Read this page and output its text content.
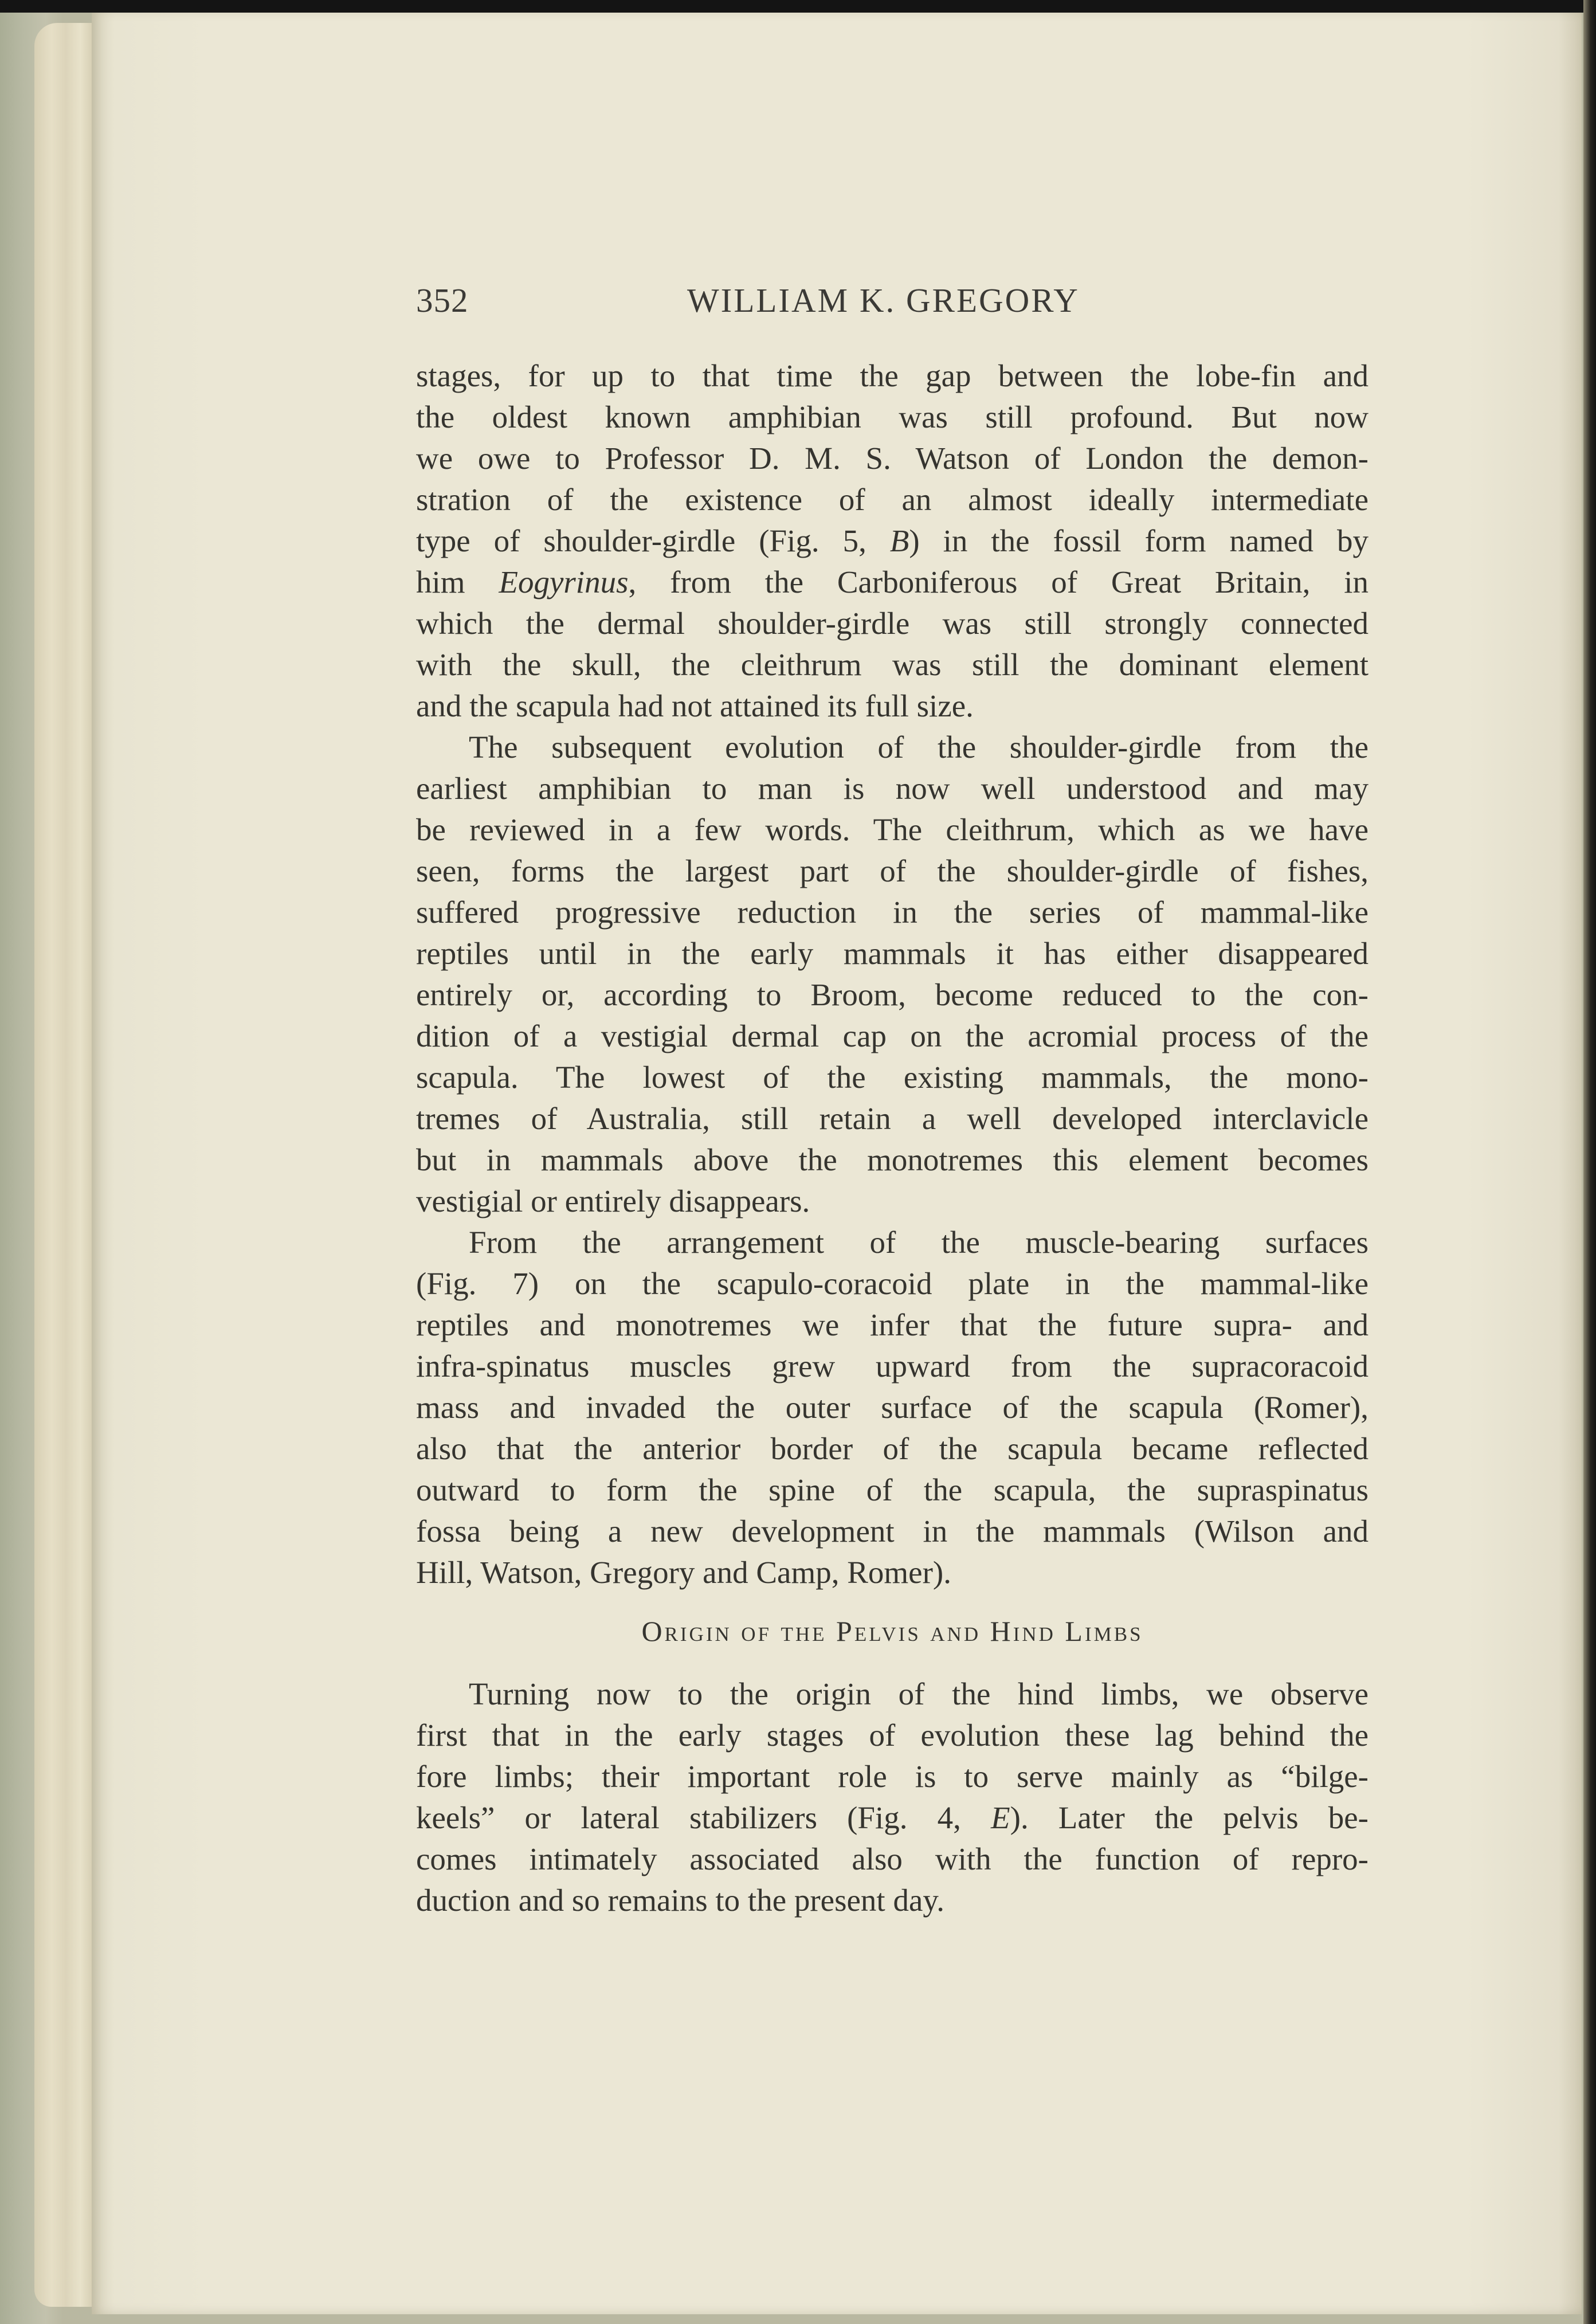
352	WILLIAM K. GREGORY
stages, for up to that time the gap between the lobe-fin and
the oldest known amphibian was still profound. But now
we owe to Professor D. M. S. Watson of London the demon-
stration of the existence of an almost ideally intermediate
type of shoulder-girdle (Fig. 5, B) in the fossil form named by
him Eogyrinus, from the Carboniferous of Great Britain, in
which the dermal shoulder-girdle was still strongly connected
with the skull, the cleithrum was still the dominant element
and the scapula had not attained its full size.
The subsequent evolution of the shoulder-girdle from the
earliest amphibian to man is now well understood and may
be reviewed in a few words. The cleithrum, which as we have
seen, forms the largest part of the shoulder-girdle of fishes,
suffered progressive reduction in the series of mammal-like
reptiles until in the early mammals it has either disappeared
entirely or, according to Broom, become reduced to the con-
dition of a vestigial dermal cap on the acromial process of the
scapula. The lowest of the existing mammals, the mono-
tremes of Australia, still retain a well developed interclavicle
but in mammals above the monotremes this element becomes
vestigial or entirely disappears.
From the arrangement of the muscle-bearing surfaces
(Fig. 7) on the scapulo-coracoid plate in the mammal-like
reptiles and monotremes we infer that the future supra- and
infra-spinatus muscles grew upward from the supracoracoid
mass and invaded the outer surface of the scapula (Romer),
also that the anterior border of the scapula became reflected
outward to form the spine of the scapula, the supraspinatus
fossa being a new development in the mammals (Wilson and
Hill, Watson, Gregory and Camp, Romer).
Origin of the Pelvis and Hind Limbs
Turning now to the origin of the hind limbs, we observe
first that in the early stages of evolution these lag behind the
fore limbs; their important role is to serve mainly as “bilge-
keels” or lateral stabilizers (Fig. 4, E). Later the pelvis be-
comes intimately associated also with the function of repro-
duction and so remains to the present day.
